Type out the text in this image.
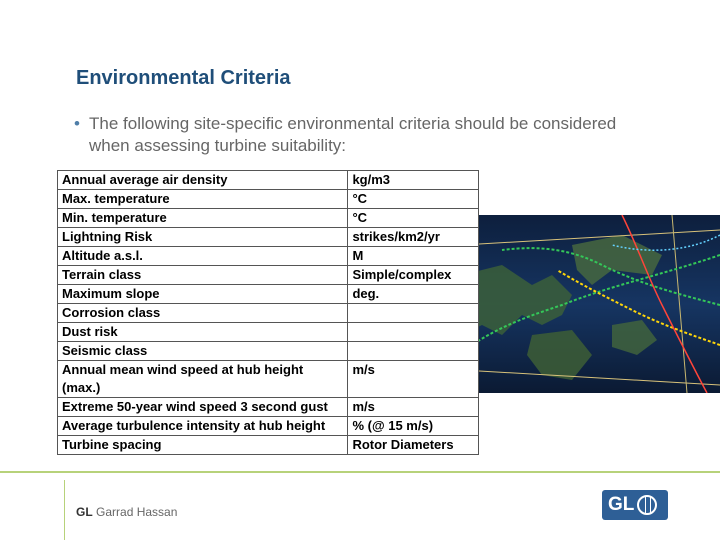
Environmental Criteria
• The following site-specific environmental criteria should be considered when assessing turbine suitability:
Annual average air density	kg/m3
Max. temperature	°C
Min. temperature	°C
Lightning Risk	strikes/km2/yr
Altitude a.s.l.	M
Terrain class	Simple/complex
Maximum slope	deg.
Corrosion class	
Dust risk	
Seismic class	
Annual mean wind speed at hub height (max.)	m/s
Extreme 50-year wind speed 3 second gust	m/s
Average turbulence intensity at hub height	% (@ 15 m/s)
Turbine spacing	Rotor Diameters
GL Garrad Hassan	GL
